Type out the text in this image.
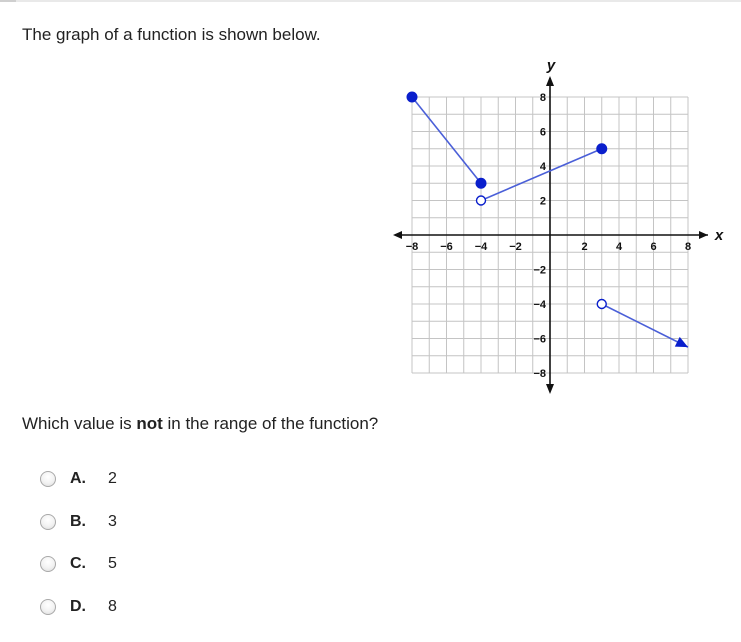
The graph of a function is shown below.
x
y
−8 −6 −4 −2	2	4	6	8
8
6
4
2
−2
−4
−6
−8
Which value is not in the range of the function?
A. 2
B. 3
C. 5
D. 8
